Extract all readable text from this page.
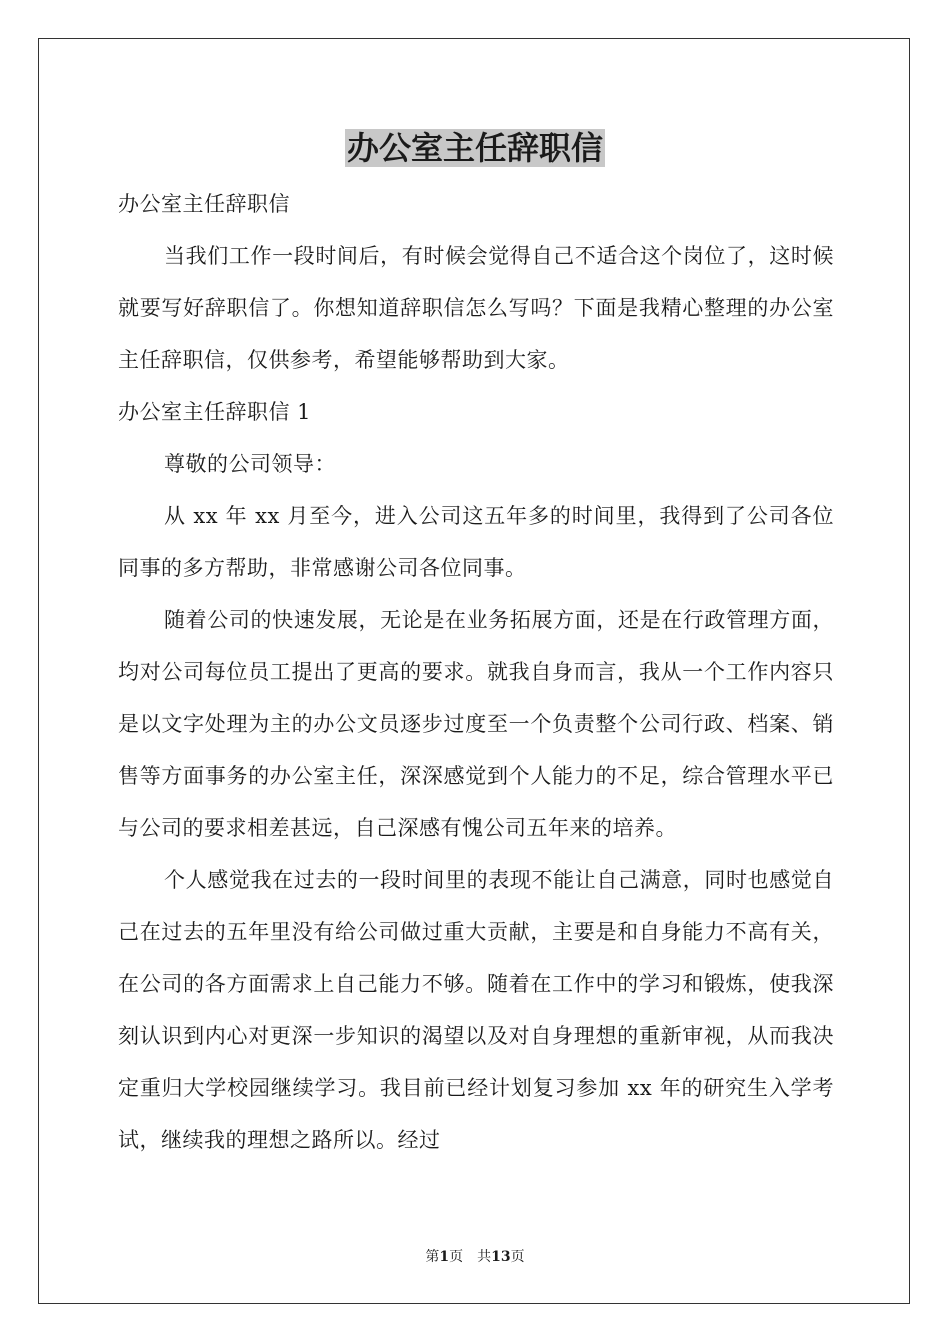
办公室主任辞职信

办公室主任辞职信

当我们工作一段时间后，有时候会觉得自己不适合这个岗位了，这时候就要写好辞职信了。你想知道辞职信怎么写吗？下面是我精心整理的办公室主任辞职信，仅供参考，希望能够帮助到大家。

办公室主任辞职信 1

尊敬的公司领导：

从 xx 年 xx 月至今，进入公司这五年多的时间里，我得到了公司各位同事的多方帮助，非常感谢公司各位同事。

随着公司的快速发展，无论是在业务拓展方面，还是在行政管理方面，均对公司每位员工提出了更高的要求。就我自身而言，我从一个工作内容只是以文字处理为主的办公文员逐步过度至一个负责整个公司行政、档案、销售等方面事务的办公室主任，深深感觉到个人能力的不足，综合管理水平已与公司的要求相差甚远，自己深感有愧公司五年来的培养。

个人感觉我在过去的一段时间里的表现不能让自己满意，同时也感觉自己在过去的五年里没有给公司做过重大贡献，主要是和自身能力不高有关，在公司的各方面需求上自己能力不够。随着在工作中的学习和锻炼，使我深刻认识到内心对更深一步知识的渴望以及对自身理想的重新审视，从而我决定重归大学校园继续学习。我目前已经计划复习参加 xx 年的研究生入学考试，继续我的理想之路所以。经过

第1页 共13页
